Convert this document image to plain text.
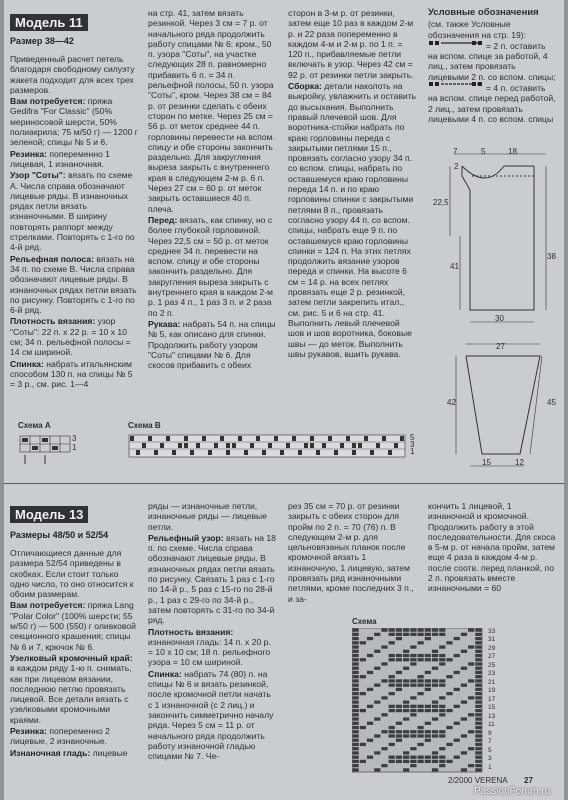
Модель 11
Размер 38—42

Приведенный расчет петель благодаря свободному силуэту жакета подходит для всех трех размеров.

Вам потребуется: пряжа Gedifra "For Classic" (50% мериносовой шерсти, 50% полиакрила; 75 м/50 г) — 1200 г зеленой; спицы № 5 и 6.

Резинка: попеременно 1 лицевая, 1 изнаночная.

Узор "Соты": вязать по схеме А. Числа справа обозначают лицевые ряды. В изнаночных рядах петли вязать изнаночными. В ширину повторять раппорт между стрелками. Повторять с 1-го по 4-й ряд.

Рельефная полоса: вязать на 34 п. по схеме В. Числа справа обозначают лицевые ряды. В изнаночных рядах петли вязать по рисунку. Повторять с 1-го по 6-й ряд.

Плотность вязания: узор "Соты": 22 п. х 22 р. = 10 х 10 см; 34 п. рельефной полосы = 14 см шириной.

Спинка: набрать итальянским способом 130 п. на спицы № 5 = 3 р., см. рис. 1—4

на стр. 41, затем вязать резинкой. Через 3 см = 7 р. от начального ряда продолжить работу спицами № 6: кром., 50 п. узора "Соты", на участке следующих 28 п. равномерно прибавить 6 п. = 34 п. рельефной полосы, 50 п. узора "Соты", кром. Через 38 см = 84 р. от резинки сделать с обеих сторон по метке. Через 25 см = 56 р. от меток среднее 44 п. горловины перевести на вспом. спицу и обе стороны закончить раздельно. Для закругления выреза закрыть с внутреннего края в следующем 2-м р. 6 п. Через 27 см = 60 р. от меток закрыть оставшиеся 40 п. плеча.

Перед: вязать, как спинку, но с более глубокой горловиной. Через 22,5 см = 50 р. от меток среднее 34 п. перевести на вспом. спицу и обе стороны закончить раздельно. Для закругления выреза закрыть с внутреннего края в каждом 2-м р. 1 раз 4 п., 1 раз 3 п. и 2 раза по 2 п.

Рукава: набрать 54 п. на спицы № 5, как описано для спинки. Продолжить работу узором "Соты" спицами № 6. Для скосов прибавить с обеих

сторон в 3-м р. от резинки, затем еще 10 раз в каждом 2-м р. и 22 раза попеременно в каждом 4-м и 2-м р. по 1 п. = 120 п., прибавляемые петли включать в узор. Через 42 см = 92 р. от резинки петли закрыть.

Сборка: детали наколоть на выкройку, увлажнить и оставить до высыхания. Выполнить правый плечевой шов. Для воротника-стойки набрать по краю горловины переда с закрытыми петлями 15 п., провязать согласно узору 34 п. со вспом. спицы, набрать по оставшемуся краю горловины переда 14 п. и по краю горловины спинки с закрытыми петлями 8 п., провязать согласно узору 44 п. со вспом. спицы, набрать еще 9 п. по оставшемуся краю горловины спинки = 124 п. На этих петлях продолжить вязание узоров переда и спинки. На высоте 6 см = 14 р. на всех петлях провязать еще 2 р. резинкой, затем петли закрепить итал., см. рис. 5 и 6 на стр. 41. Выполнить левый плечевой шов и шов воротника, боковые швы — до меток. Выполнить швы рукавов, вшить рукава.

Условные обозначения

(см. также Условные обозначения на стр. 19):

= 2 п. оставить на вспом. спице за работой, 4 лиц., затем провязать лицевыми 2 п. со вспом. спицы;

= 4 п. оставить на вспом. спице перед работой, 2 лиц., затем провязать лицевыми 4 п. со вспом. спицы

7	5	18
2
22,5
38
41
30
27
42	45
15	12
Схема А
3
1
Схема В
5
3
1
Модель 13
Размеры 48/50 и 52/54

Отличающиеся данные для размера 52/54 приведены в скобках. Если стоит только одно число, то оно относится к обоим размерам.

Вам потребуется: пряжа Lang "Polar Color" (100% шерсти; 55 м/50 г) — 500 (550) г оливковой секционного крашения; спицы № 6 и 7, крючок № 6.

Узелковый кромочный край: в каждом ряду 1-ю п. снимать, как при лицевом вязании, последнюю петлю провязать лицевой. Все детали вязать с узелковыми кромочными краями.

Резинка: попеременно 2 лицевые, 2 изнаночные.

Изнаночная гладь: лицевые

ряды — изнаночные петли, изнаночные ряды — лицевые петли.

Рельефный узор: вязать на 18 п. по схеме. Числа справа обозначают лицевые ряды. В изнаночных рядах петли вязать по рисунку. Связать 1 раз с 1-го по 14-й р., 5 раз с 15-го по 28-й р., 1 раз с 29-го по 34-й р., затем повторять с 31-го по 34-й ряд.

Плотность вязания: изнаночная гладь: 14 п. х 20 р. = 10 х 10 см; 18 п. рельефного узора = 10 см шириной.

Спинка: набрать 74 (80) п. на спицы № 6 и вязать резинкой, после кромочной петли начать с 1 изнаночной (с 2 лиц.) и закончить симметрично началу ряда. Через 5 см = 11 р. от начального ряда продолжить работу изнаночной гладью спицами № 7. Че-

рез 35 см = 70 р. от резинки закрыть с обеих сторон для пройм по 2 п. = 70 (76) п. В следующем 2-м р. для цельновязаных планок после кромочной вязать 1 изнаночную, 1 лицевую, затем провязать ряд изнаночными петлями, кроме последних 3 п., и за-

кончить 1 лицевой, 1 изнаночной и кромочной. Продолжить работу в этой последовательности. Для скоса в 5-м р. от начала пройм, затем еще 4 раза в каждом 4-м р. после соотв. перед планкой, по 2 п. провязать вместе изнаночными = 60

Схема
33
31
29
27
25
23
21
19
17
15
13
11
9
7
5
3
1
2/2000 VERENA 27
PassionForum.ru
